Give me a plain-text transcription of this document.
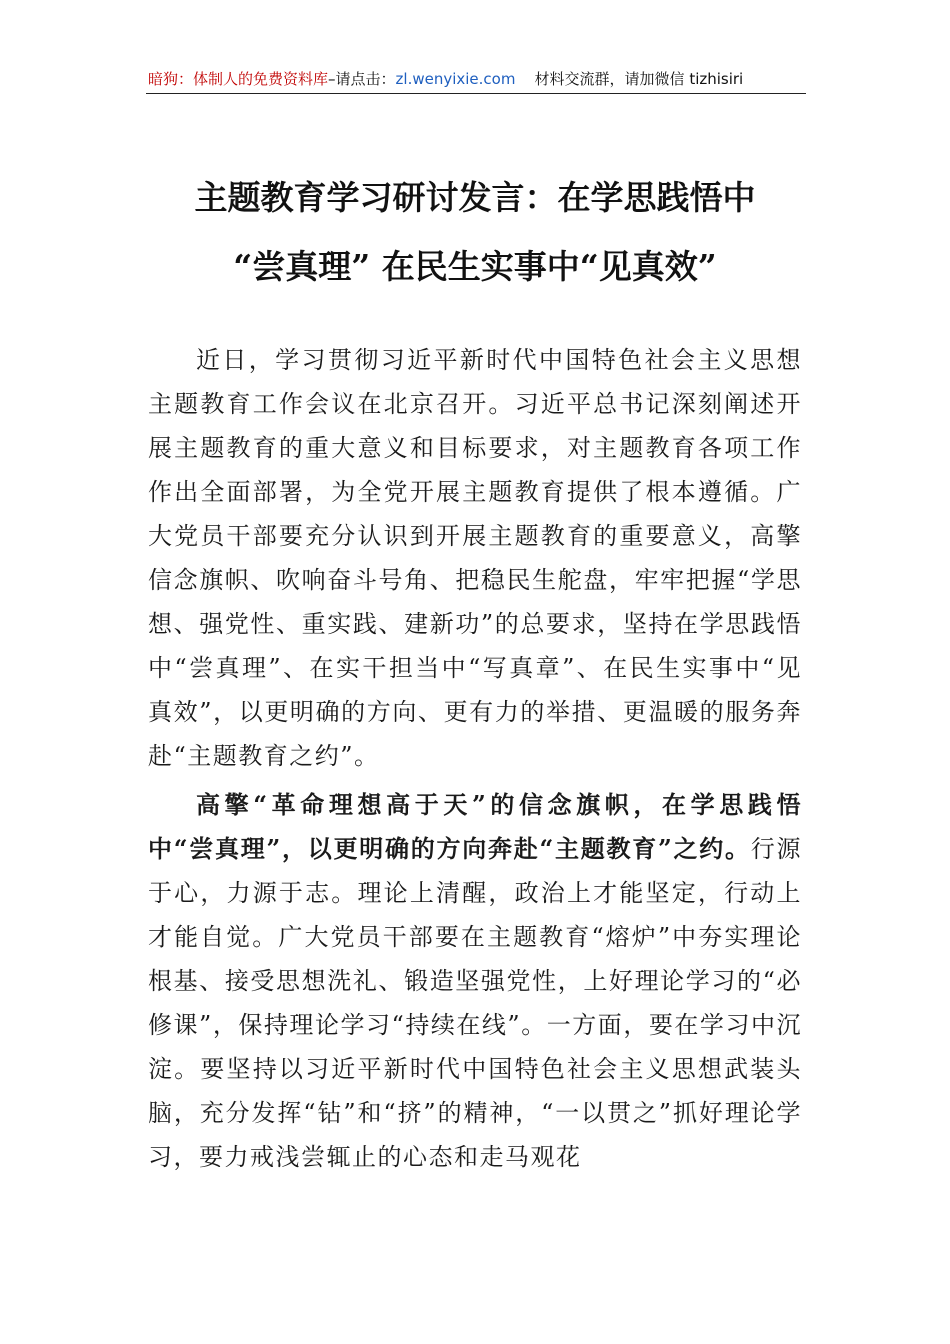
暗狗：体制人的免费资料库–请点击：zl.wenyixie.com 材料交流群，请加微信 tizhisiri
主题教育学习研讨发言：在学思践悟中
“尝真理” 在民生实事中“见真效”
近日，学习贯彻习近平新时代中国特色社会主义思想主题教育工作会议在北京召开。习近平总书记深刻阐述开展主题教育的重大意义和目标要求，对主题教育各项工作作出全面部署，为全党开展主题教育提供了根本遵循。广大党员干部要充分认识到开展主题教育的重要意义，高擎信念旗帜、吹响奋斗号角、把稳民生舵盘，牢牢把握“学思想、强党性、重实践、建新功”的总要求，坚持在学思践悟中“尝真理”、在实干担当中“写真章”、在民生实事中“见真效”，以更明确的方向、更有力的举措、更温暖的服务奔赴“主题教育之约”。
高擎“革命理想高于天”的信念旗帜，在学思践悟中“尝真理”，以更明确的方向奔赴“主题教育”之约。行源于心，力源于志。理论上清醒，政治上才能坚定，行动上才能自觉。广大党员干部要在主题教育“熔炉”中夯实理论根基、接受思想洗礼、锻造坚强党性，上好理论学习的“必修课”，保持理论学习“持续在线”。一方面，要在学习中沉淀。要坚持以习近平新时代中国特色社会主义思想武装头脑，充分发挥“钻”和“挤”的精神，“一以贯之”抓好理论学习，要力戒浅尝辄止的心态和走马观花
